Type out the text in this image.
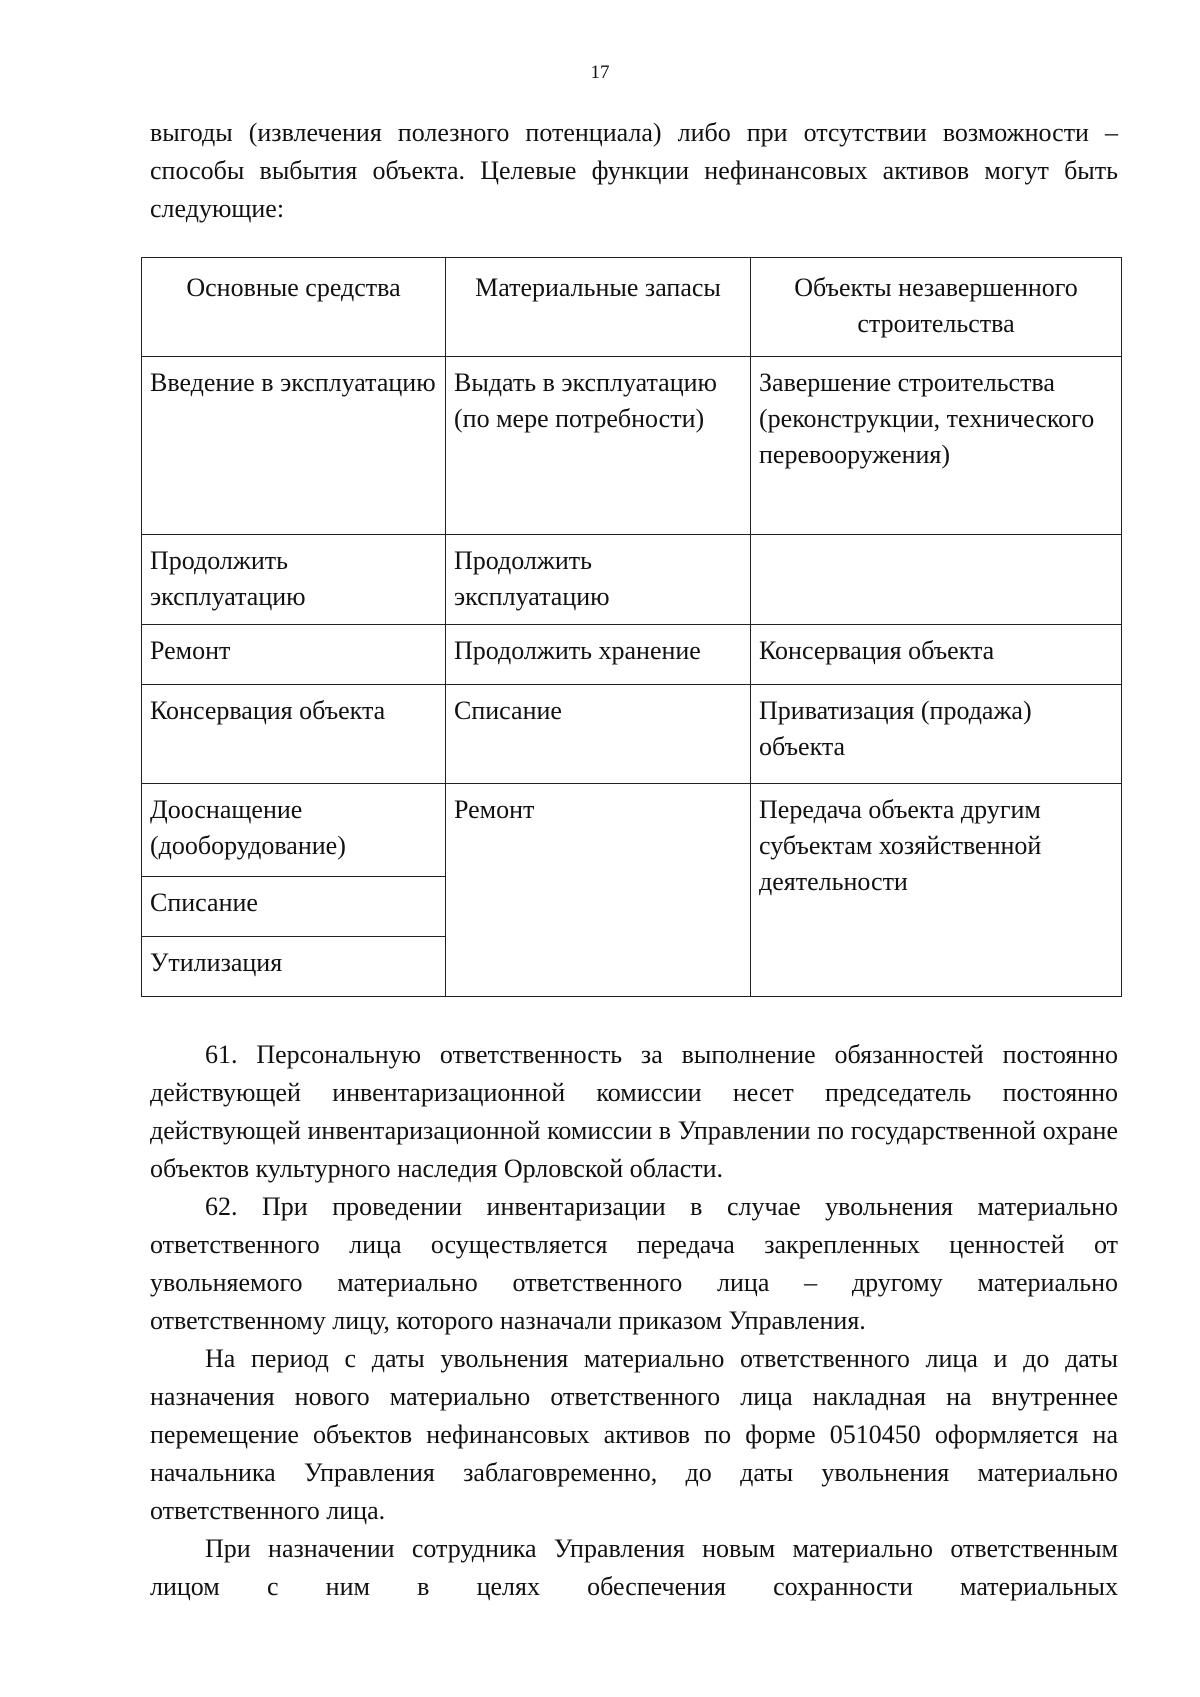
17

выгоды (извлечения полезного потенциала) либо при отсутствии возможности – способы выбытия объекта. Целевые функции нефинансовых активов могут быть следующие:

Основные средства	Материальные запасы	Объекты незавершенного строительства
Введение в эксплуатацию	Выдать в эксплуатацию (по мере потребности)	Завершение строительства (реконструкции, технического перевооружения)
Продолжить эксплуатацию	Продолжить эксплуатацию	
Ремонт	Продолжить хранение	Консервация объекта
Консервация объекта	Списание	Приватизация (продажа) объекта
Дооснащение (дооборудование)	Ремонт	Передача объекта другим субъектам хозяйственной деятельности
Списание		
Утилизация		

61. Персональную ответственность за выполнение обязанностей постоянно действующей инвентаризационной комиссии несет председатель постоянно действующей инвентаризационной комиссии в Управлении по государственной охране объектов культурного наследия Орловской области.

62. При проведении инвентаризации в случае увольнения материально ответственного лица осуществляется передача закрепленных ценностей от увольняемого материально ответственного лица – другому материально ответственному лицу, которого назначали приказом Управления.

На период с даты увольнения материально ответственного лица и до даты назначения нового материально ответственного лица накладная на внутреннее перемещение объектов нефинансовых активов по форме 0510450 оформляется на начальника Управления заблаговременно, до даты увольнения материально ответственного лица.

При назначении сотрудника Управления новым материально ответственным лицом с ним в целях обеспечения сохранности материальных
